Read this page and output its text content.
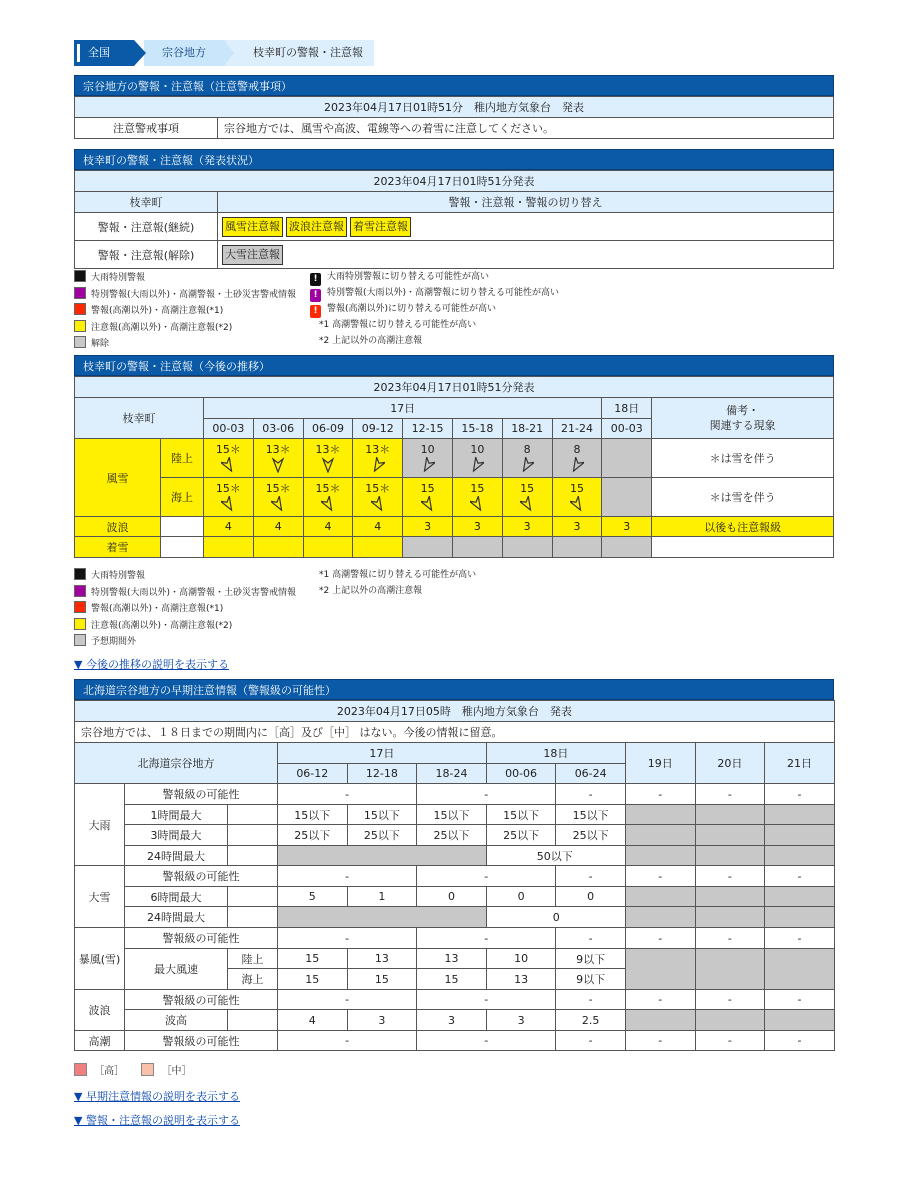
全国	宗谷地方	枝幸町の警報・注意報
宗谷地方の警報・注意報（注意警戒事項）
2023年04月17日01時51分　稚内地方気象台　発表
注意警戒事項	宗谷地方では、風雪や高波、電線等への着雪に注意してください。
枝幸町の警報・注意報（発表状況）
2023年04月17日01時51分発表	
枝幸町	警報・注意報・警報の切り替え
警報・注意報(継続)	風雪注意報 波浪注意報 着雪注意報
警報・注意報(解除)	大雪注意報
大雨特別警報
特別警報(大雨以外)・高潮警報・土砂災害警戒情報
警報(高潮以外)・高潮注意報(*1)
注意報(高潮以外)・高潮注意報(*2)
解除
! 大雨特別警報に切り替える可能性が高い
! 特別警報(大雨以外)・高潮警報に切り替える可能性が高い
! 警報(高潮以外)に切り替える可能性が高い
*1 高潮警報に切り替える可能性が高い
*2 上記以外の高潮注意報
枝幸町の警報・注意報（今後の推移）
2023年04月17日01時51分発表											
枝幸町		17日								18日	備考・
関連する現象
		00-03	03-06	06-09	09-12	12-15	15-18	18-21	21-24	00-03	
風雪	陸上	15＊	13＊	13＊	13＊	10	10	8	8		＊は雪を伴う
	海上	15＊	15＊	15＊	15＊	15	15	15	15		＊は雪を伴う
波浪		4	4	4	4	3	3	3	3	3	以後も注意報級
着雪											
大雨特別警報
特別警報(大雨以外)・高潮警報・土砂災害警戒情報
警報(高潮以外)・高潮注意報(*1)
注意報(高潮以外)・高潮注意報(*2)
予想期間外
*1 高潮警報に切り替える可能性が高い
*2 上記以外の高潮注意報
▼ 今後の推移の説明を表示する
北海道宗谷地方の早期注意情報（警報級の可能性）
2023年04月17日05時　稚内地方気象台　発表										
宗谷地方では、１８日までの期間内に［高］及び［中］ はない。今後の情報に留意。										
北海道宗谷地方			17日			18日		19日	20日	21日
			06-12	12-18	18-24	00-06	06-24			
大雨	警報級の可能性		-		-		-	-	-	-
	1時間最大		15以下	15以下	15以下	15以下	15以下			
	3時間最大		25以下	25以下	25以下	25以下	25以下			
	24時間最大					50以下				
大雪	警報級の可能性		-		-		-	-	-	-
	6時間最大		5	1	0	0	0			
	24時間最大					0				
暴風(雪)	警報級の可能性		-		-		-	-	-	-
	最大風速	陸上	15	13	13	10	9以下			
		海上	15	15	15	13	9以下			
波浪	警報級の可能性		-		-		-	-	-	-
	波高		4	3	3	3	2.5			
高潮	警報級の可能性		-		-		-	-	-	-
［高］	［中］
▼ 早期注意情報の説明を表示する
▼ 警報・注意報の説明を表示する
